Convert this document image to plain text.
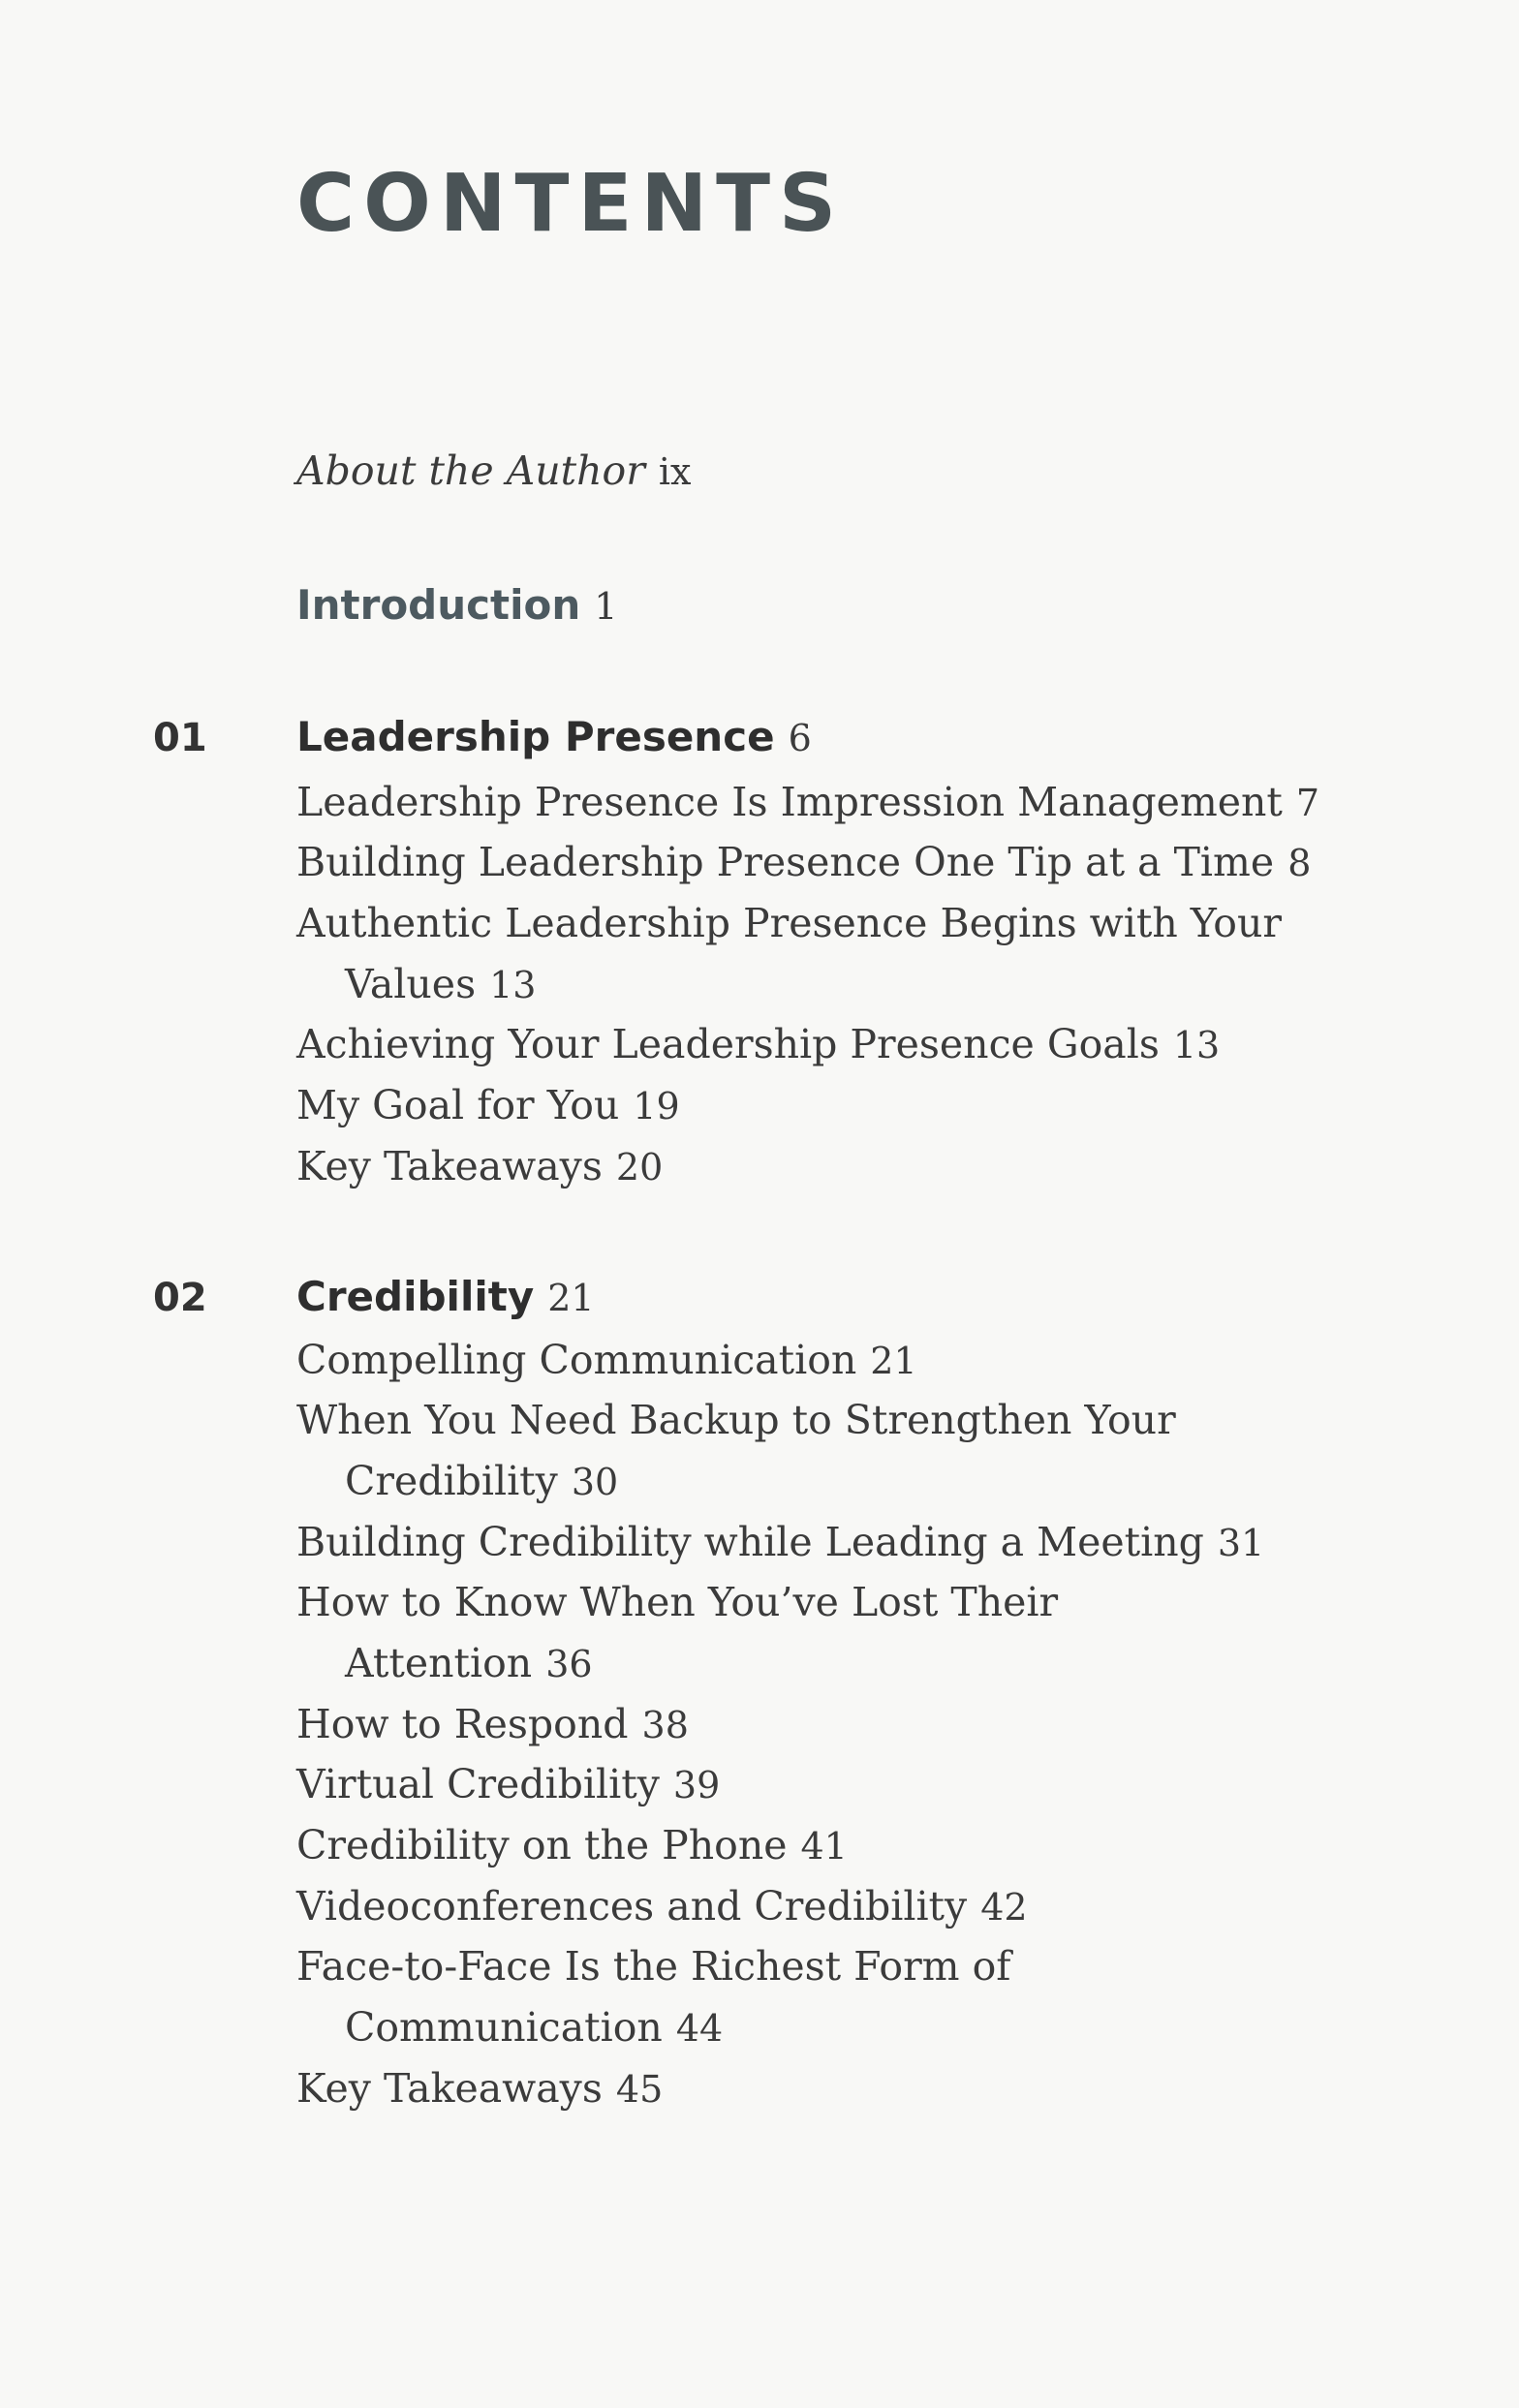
CONTENTS

About the Author ix

Introduction 1

01 Leadership Presence 6

Leadership Presence Is Impression Management 7

Building Leadership Presence One Tip at a Time 8

Authentic Leadership Presence Begins with Your

Values 13

Achieving Your Leadership Presence Goals 13

My Goal for You 19

Key Takeaways 20

02 Credibility 21

Compelling Communication 21

When You Need Backup to Strengthen Your

Credibility 30

Building Credibility while Leading a Meeting 31

How to Know When You’ve Lost Their

Attention 36

How to Respond 38

Virtual Credibility 39

Credibility on the Phone 41

Videoconferences and Credibility 42

Face-to-Face Is the Richest Form of

Communication 44

Key Takeaways 45
